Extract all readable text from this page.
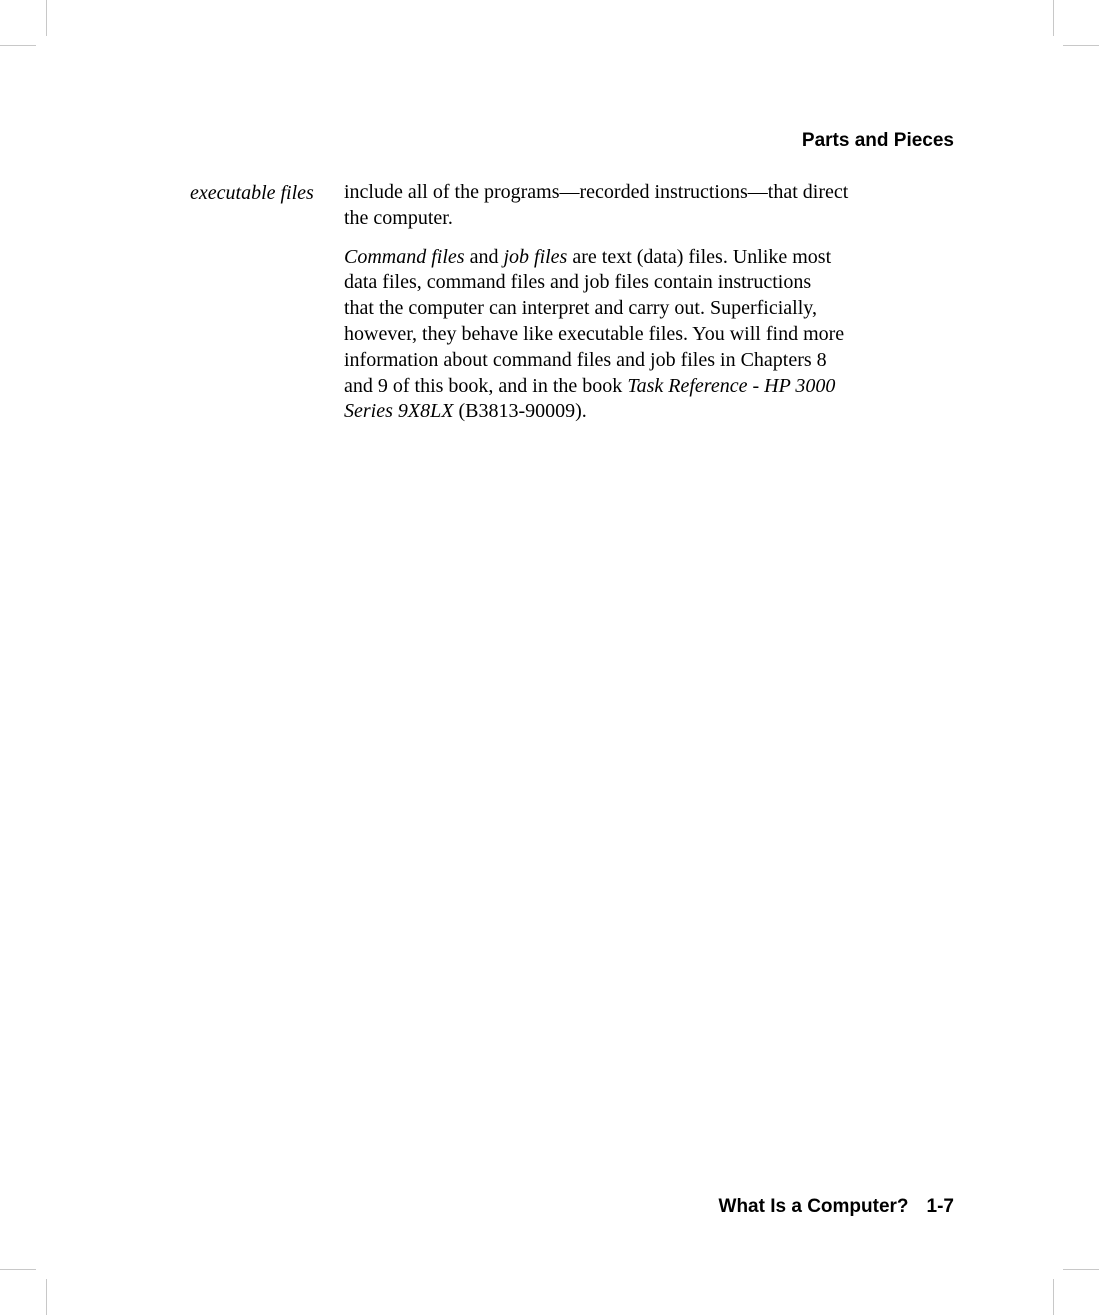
Parts and Pieces
executable files include all of the programs—recorded instructions—that direct
the computer.

Command files and job files are text (data) files. Unlike most
data files, command files and job files contain instructions
that the computer can interpret and carry out. Superficially,
however, they behave like executable files. You will find more
information about command files and job files in Chapters 8
and 9 of this book, and in the book Task Reference - HP 3000
Series 9X8LX (B3813-90009).

What Is a Computer? 1-7
